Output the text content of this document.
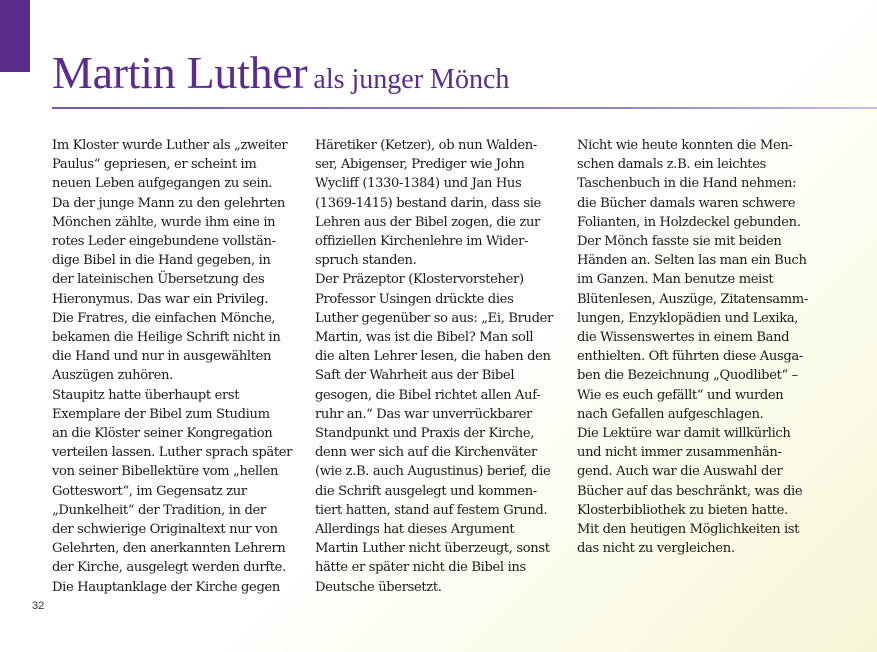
Martin Luther als junger Mönch

Im Kloster wurde Luther als „zweiter

Paulus“ gepriesen, er scheint im

neuen Leben aufgegangen zu sein.

Da der junge Mann zu den gelehrten

Mönchen zählte, wurde ihm eine in

rotes Leder eingebundene vollstän-

dige Bibel in die Hand gegeben, in

der lateinischen Übersetzung des

Hieronymus. Das war ein Privileg.

Die Fratres, die einfachen Mönche,

bekamen die Heilige Schrift nicht in

die Hand und nur in ausgewählten

Auszügen zuhören.

Staupitz hatte überhaupt erst

Exemplare der Bibel zum Studium

an die Klöster seiner Kongregation

verteilen lassen. Luther sprach später

von seiner Bibellektüre vom „hellen

Gotteswort“, im Gegensatz zur

„Dunkelheit“ der Tradition, in der

der schwierige Originaltext nur von

Gelehrten, den anerkannten Lehrern

der Kirche, ausgelegt werden durfte.

Die Hauptanklage der Kirche gegen

Häretiker (Ketzer), ob nun Walden-

ser, Abigenser, Prediger wie John

Wycliff (1330-1384) und Jan Hus

(1369-1415) bestand darin, dass sie

Lehren aus der Bibel zogen, die zur

offiziellen Kirchenlehre im Wider-

spruch standen.

Der Präzeptor (Klostervorsteher)

Professor Usingen drückte dies

Luther gegenüber so aus: „Ei, Bruder

Martin, was ist die Bibel? Man soll

die alten Lehrer lesen, die haben den

Saft der Wahrheit aus der Bibel

gesogen, die Bibel richtet allen Auf-

ruhr an.“ Das war unverrückbarer

Standpunkt und Praxis der Kirche,

denn wer sich auf die Kirchenväter

(wie z.B. auch Augustinus) berief, die

die Schrift ausgelegt und kommen-

tiert hatten, stand auf festem Grund.

Allerdings hat dieses Argument

Martin Luther nicht überzeugt, sonst

hätte er später nicht die Bibel ins

Deutsche übersetzt.

Nicht wie heute konnten die Men-

schen damals z.B. ein leichtes

Taschenbuch in die Hand nehmen:

die Bücher damals waren schwere

Folianten, in Holzdeckel gebunden.

Der Mönch fasste sie mit beiden

Händen an. Selten las man ein Buch

im Ganzen. Man benutze meist

Blütenlesen, Auszüge, Zitatensamm-

lungen, Enzyklopädien und Lexika,

die Wissenswertes in einem Band

enthielten. Oft führten diese Ausga-

ben die Bezeichnung „Quodlibet“ –

Wie es euch gefällt“ und wurden

nach Gefallen aufgeschlagen.

Die Lektüre war damit willkürlich

und nicht immer zusammenhän-

gend. Auch war die Auswahl der

Bücher auf das beschränkt, was die

Klosterbibliothek zu bieten hatte.

Mit den heutigen Möglichkeiten ist

das nicht zu vergleichen.

32
